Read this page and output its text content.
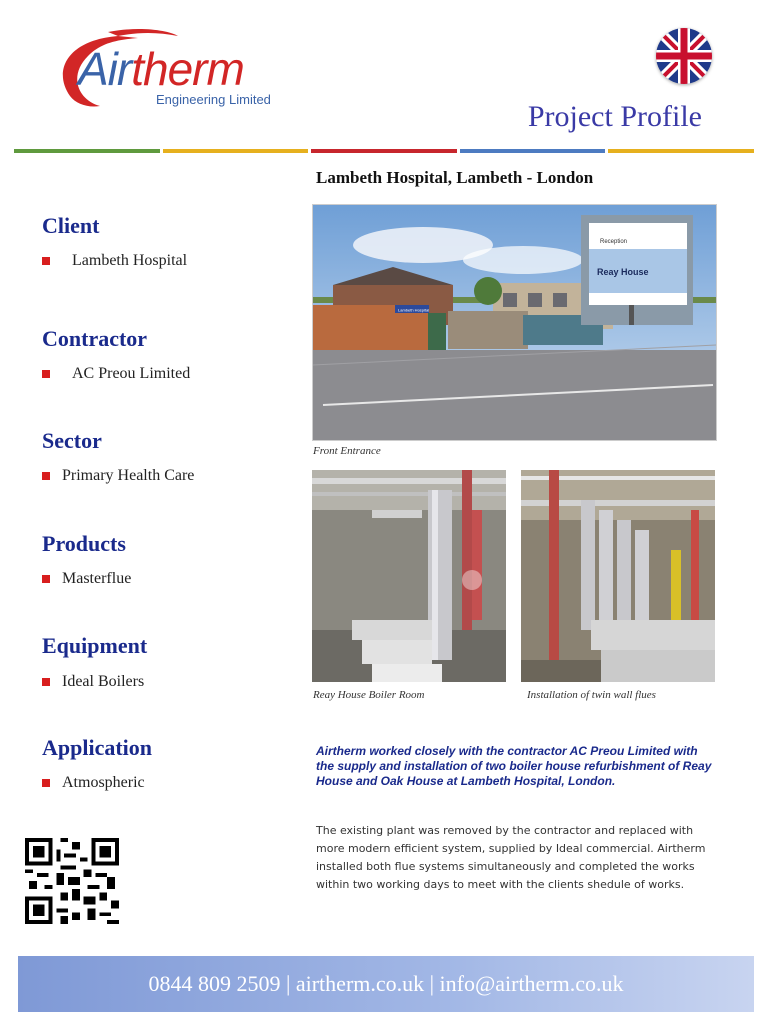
Airtherm
Engineering Limited
Project Profile
Lambeth Hospital, Lambeth - London
Client
Lambeth Hospital
Contractor
AC Preou Limited
Sector
Primary Health Care
Products
Masterflue
Equipment
Ideal Boilers
Application
Atmospheric
Lambeth Hospital
Reception
Reay House
Front Entrance
Reay House Boiler Room	Installation of twin wall flues
Airtherm worked closely with the contractor AC Preou Limited with the supply and installation of two boiler house refurbishment of Reay House and Oak House at Lambeth Hospital, London.
The existing plant was removed by the contractor and replaced with more modern efficient system, supplied by Ideal commercial. Airtherm installed both flue systems simultaneously and completed the works within two working days to meet with the clients shedule of works.
0844 809 2509 | airtherm.co.uk | info@airtherm.co.uk
